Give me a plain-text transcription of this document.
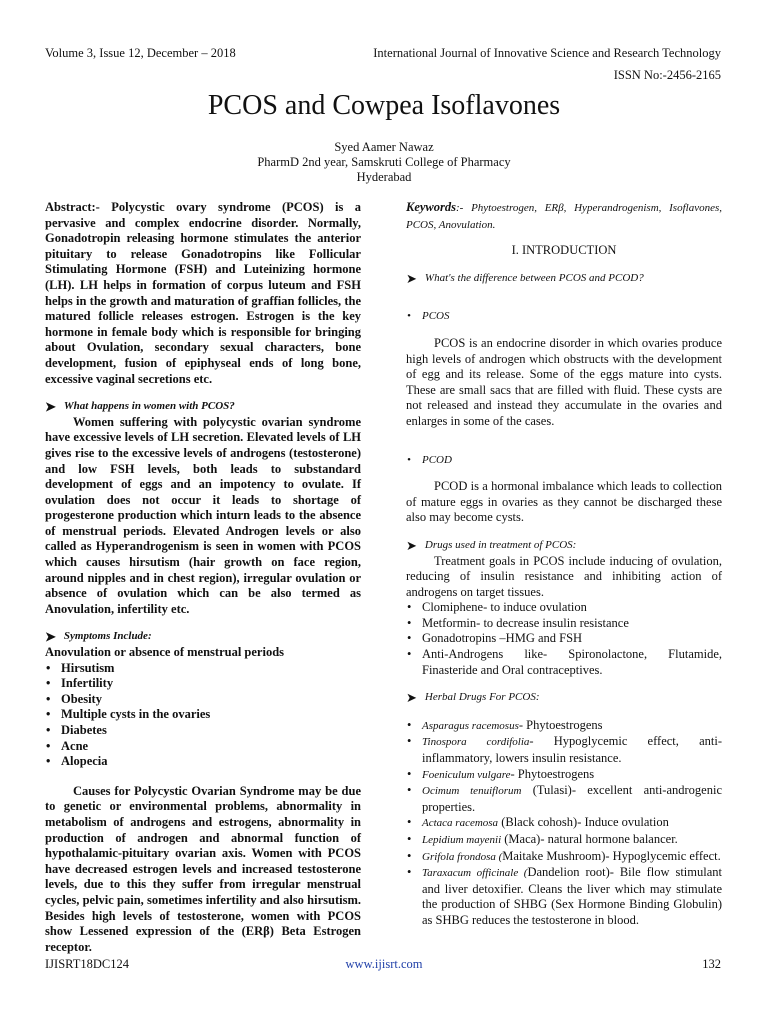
Volume 3, Issue 12, December – 2018	International Journal of Innovative Science and Research Technology
ISSN No:-2456-2165
PCOS and Cowpea Isoflavones
Syed Aamer Nawaz
PharmD 2nd year, Samskruti College of Pharmacy
Hyderabad

Abstract:- Polycystic ovary syndrome (PCOS) is a pervasive and complex endocrine disorder. Normally, Gonadotropin releasing hormone stimulates the anterior pituitary to release Gonadotropins like Follicular Stimulating Hormone (FSH) and Luteinizing hormone (LH). LH helps in formation of corpus luteum and FSH helps in the growth and maturation of graffian follicles, the matured follicle releases estrogen. Estrogen is the key hormone in female body which is responsible for bringing about Ovulation, secondary sexual characters, bone development, fusion of epiphyseal ends of long bone, excessive vaginal secretions etc.

➤ What happens in women with PCOS?

Women suffering with polycystic ovarian syndrome have excessive levels of LH secretion. Elevated levels of LH gives rise to the excessive levels of androgens (testosterone) and low FSH levels, both leads to substandard development of eggs and an impotency to ovulate. If ovulation does not occur it leads to shortage of progesterone production which inturn leads to the absence of menstrual periods. Elevated Androgen levels or also called as Hyperandrogenism is seen in women with PCOS which causes hirsutism (hair growth on face region, around nipples and in chest region), irregular ovulation or absence of ovulation which can be also termed as Anovulation, infertility etc.

➤ Symptoms Include:

Anovulation or absence of menstrual periods

• Hirsutism
• Infertility
• Obesity
• Multiple cysts in the ovaries
• Diabetes
• Acne
• Alopecia

Causes for Polycystic Ovarian Syndrome may be due to genetic or environmental problems, abnormality in metabolism of androgens and estrogens, abnormality in production of androgen and abnormal function of hypothalamic-pituitary ovarian axis. Women with PCOS have decreased estrogen levels and increased testosterone levels, due to this they suffer from irregular menstrual cycles, pelvic pain, sometimes infertility and also hirsutism. Besides high levels of testosterone, women with PCOS show Lessened expression of the (ERβ) Beta Estrogen receptor.

Keywords:- Phytoestrogen, ERβ, Hyperandrogenism, Isoflavones, PCOS, Anovulation.

I. INTRODUCTION

➤ What's the difference between PCOS and PCOD?

• PCOS

PCOS is an endocrine disorder in which ovaries produce high levels of androgen which obstructs with the development of egg and its release. Some of the eggs mature into cysts. These are small sacs that are filled with fluid. These cysts are not released and instead they accumulate in the ovaries and enlarges in some of the cases.

• PCOD

PCOD is a hormonal imbalance which leads to collection of mature eggs in ovaries as they cannot be discharged these also may become cysts.

➤ Drugs used in treatment of PCOS:

Treatment goals in PCOS include inducing of ovulation, reducing of insulin resistance and inhibiting action of androgens on target tissues.

• Clomiphene- to induce ovulation
• Metformin- to decrease insulin resistance
• Gonadotropins –HMG and FSH
• Anti-Androgens like- Spironolactone, Flutamide, Finasteride and Oral contraceptives.

➤ Herbal Drugs For PCOS:

• Asparagus racemosus- Phytoestrogens
• Tinospora cordifolia- Hypoglycemic effect, anti-inflammatory, lowers insulin resistance.
• Foeniculum vulgare- Phytoestrogens
• Ocimum tenuiflorum (Tulasi)- excellent anti-androgenic properties.
• Actaca racemosa (Black cohosh)- Induce ovulation
• Lepidium mayenii (Maca)- natural hormone balancer.
• Grifola frondosa (Maitake Mushroom)- Hypoglycemic effect.
• Taraxacum officinale (Dandelion root)- Bile flow stimulant and liver detoxifier. Cleans the liver which may stimulate the production of SHBG (Sex Hormone Binding Globulin) as SHBG reduces the testosterone in blood.
IJISRT18DC124	www.ijisrt.com	132
